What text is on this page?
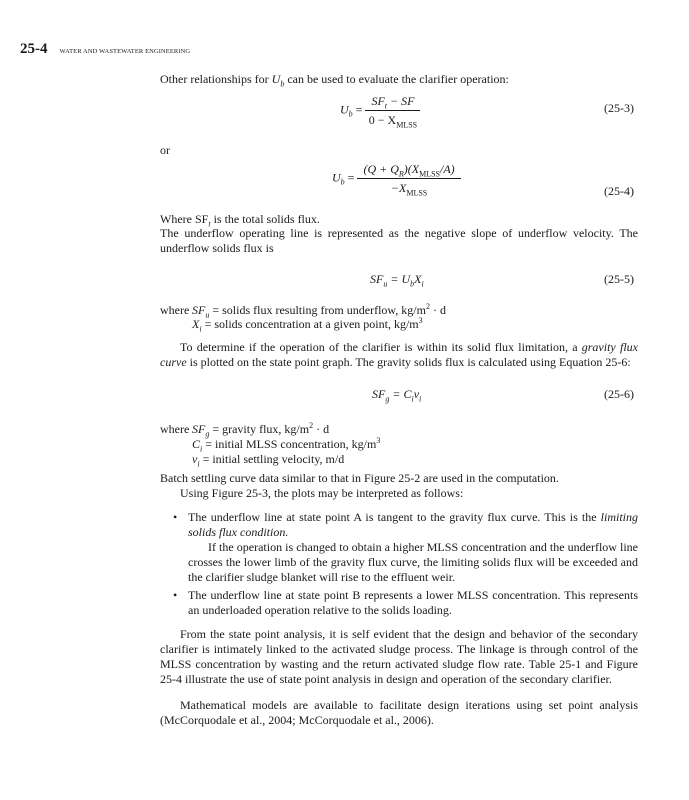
25-4 WATER AND WASTEWATER ENGINEERING
Other relationships for $U_b$ can be used to evaluate the clarifier operation:
$U_b = \frac{SF_t - SF}{0 - X_{MLSS}}$	(25-3)
or
$U_b = \frac{(Q + Q_R)(X_{MLSS}/A)}{-X_{MLSS}}$	(25-4)
Where $SF_t$ is the total solids flux.
The underflow operating line is represented as the negative slope of underflow velocity. The underflow solids flux is
$SF_u = U_bX_i$	(25-5)
where $SF_u$ = solids flux resulting from underflow, $kg/m^2 \cdot d$
$X_i$ = solids concentration at a given point, $kg/m^3$
To determine if the operation of the clarifier is within its solid flux limitation, a gravity flux curve is plotted on the state point graph. The gravity solids flux is calculated using Equation 25-6:
$SF_g = C_iv_i$	(25-6)
where $SF_g$ = gravity flux, $kg/m^2 \cdot d$
$C_i$ = initial MLSS concentration, $kg/m^3$
$v_i$ = initial settling velocity, m/d
Batch settling curve data similar to that in Figure 25-2 are used in the computation.
Using Figure 25-3, the plots may be interpreted as follows:
• The underflow line at state point A is tangent to the gravity flux curve. This is the limiting solids flux condition.
If the operation is changed to obtain a higher MLSS concentration and the underflow line crosses the lower limb of the gravity flux curve, the limiting solids flux will be exceeded and the clarifier sludge blanket will rise to the effluent weir.
• The underflow line at state point B represents a lower MLSS concentration. This represents an underloaded operation relative to the solids loading.
From the state point analysis, it is self evident that the design and behavior of the secondary clarifier is intimately linked to the activated sludge process. The linkage is through control of the MLSS concentration by wasting and the return activated sludge flow rate. Table 25-1 and Figure 25-4 illustrate the use of state point analysis in design and operation of the secondary clarifier.
Mathematical models are available to facilitate design iterations using set point analysis (McCorquodale et al., 2004; McCorquodale et al., 2006).
